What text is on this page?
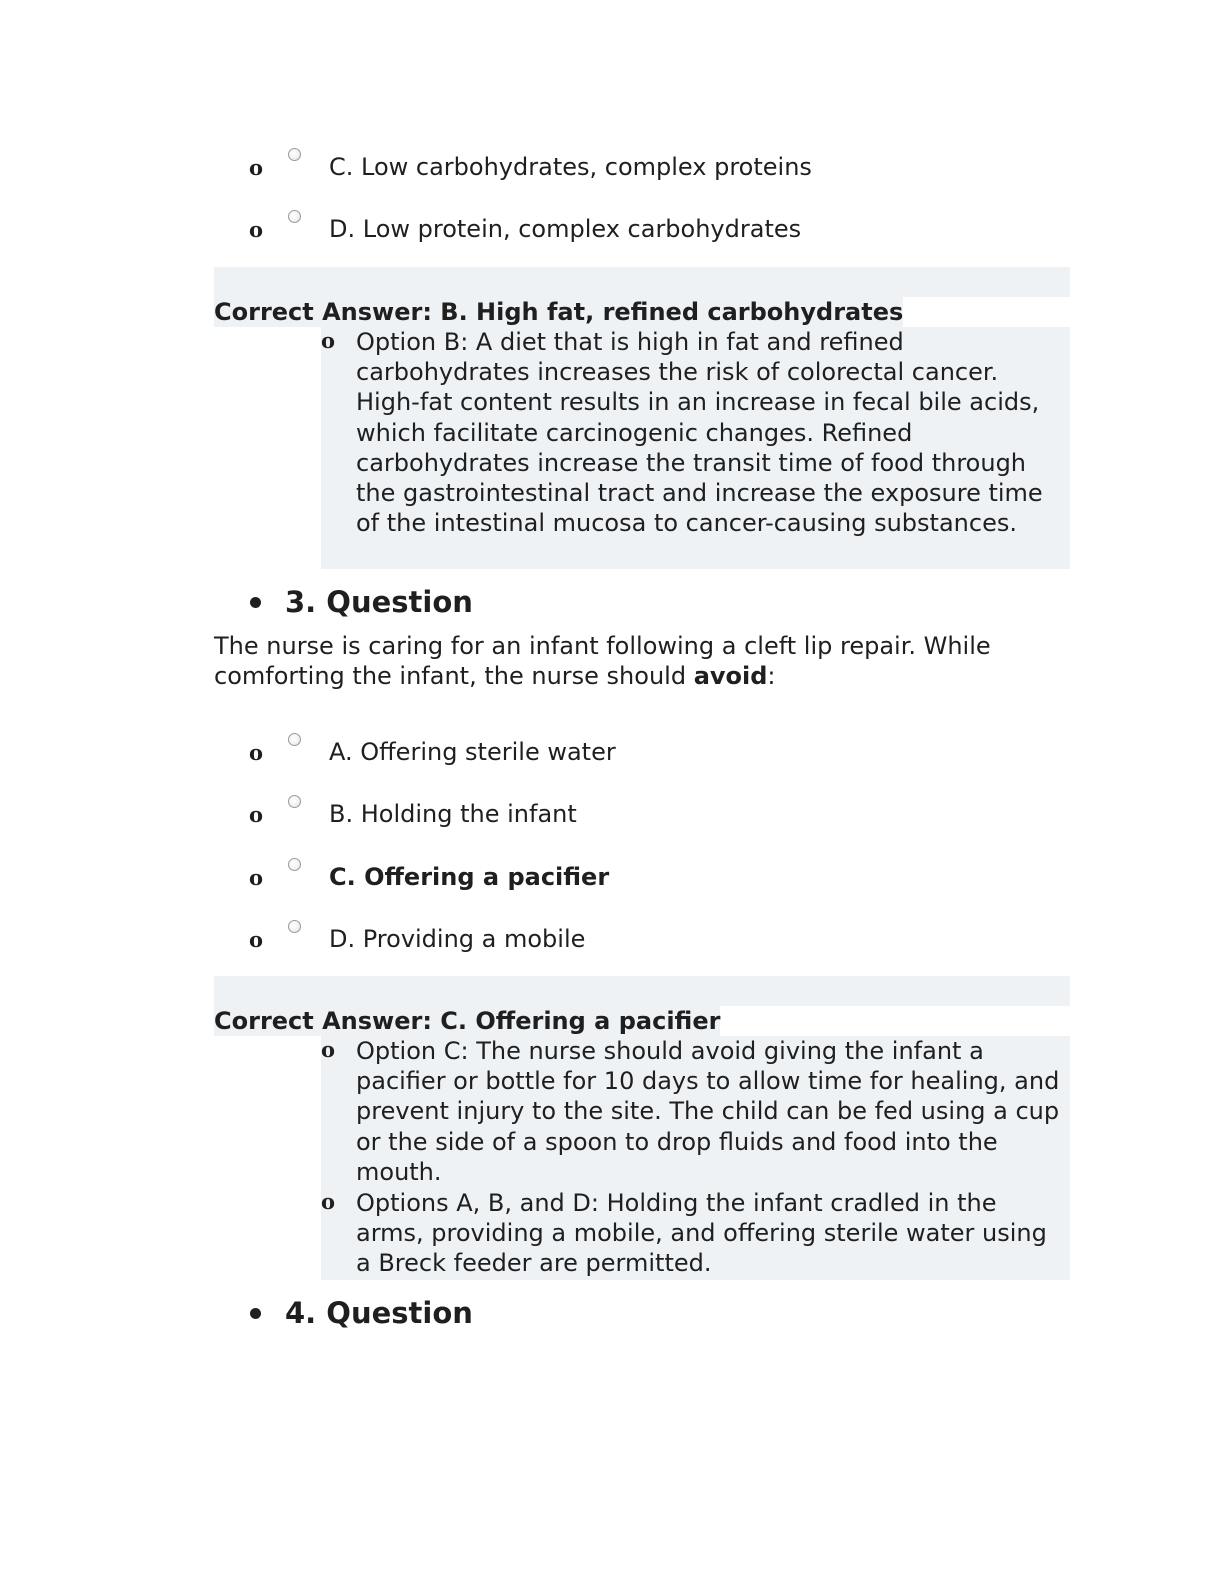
o	C. Low carbohydrates, complex proteins
o	D. Low protein, complex carbohydrates
Correct Answer: B. High fat, refined carbohydrates
o Option B: A diet that is high in fat and refined carbohydrates increases the risk of colorectal cancer. High-fat content results in an increase in fecal bile acids, which facilitate carcinogenic changes. Refined carbohydrates increase the transit time of food through the gastrointestinal tract and increase the exposure time of the intestinal mucosa to cancer-causing substances.
3. Question
The nurse is caring for an infant following a cleft lip repair. While comforting the infant, the nurse should avoid:
o	A. Offering sterile water
o	B. Holding the infant
o	C. Offering a pacifier
o	D. Providing a mobile
Correct Answer: C. Offering a pacifier
o Option C: The nurse should avoid giving the infant a pacifier or bottle for 10 days to allow time for healing, and prevent injury to the site. The child can be fed using a cup or the side of a spoon to drop fluids and food into the mouth.
o Options A, B, and D: Holding the infant cradled in the arms, providing a mobile, and offering sterile water using a Breck feeder are permitted.
4. Question
